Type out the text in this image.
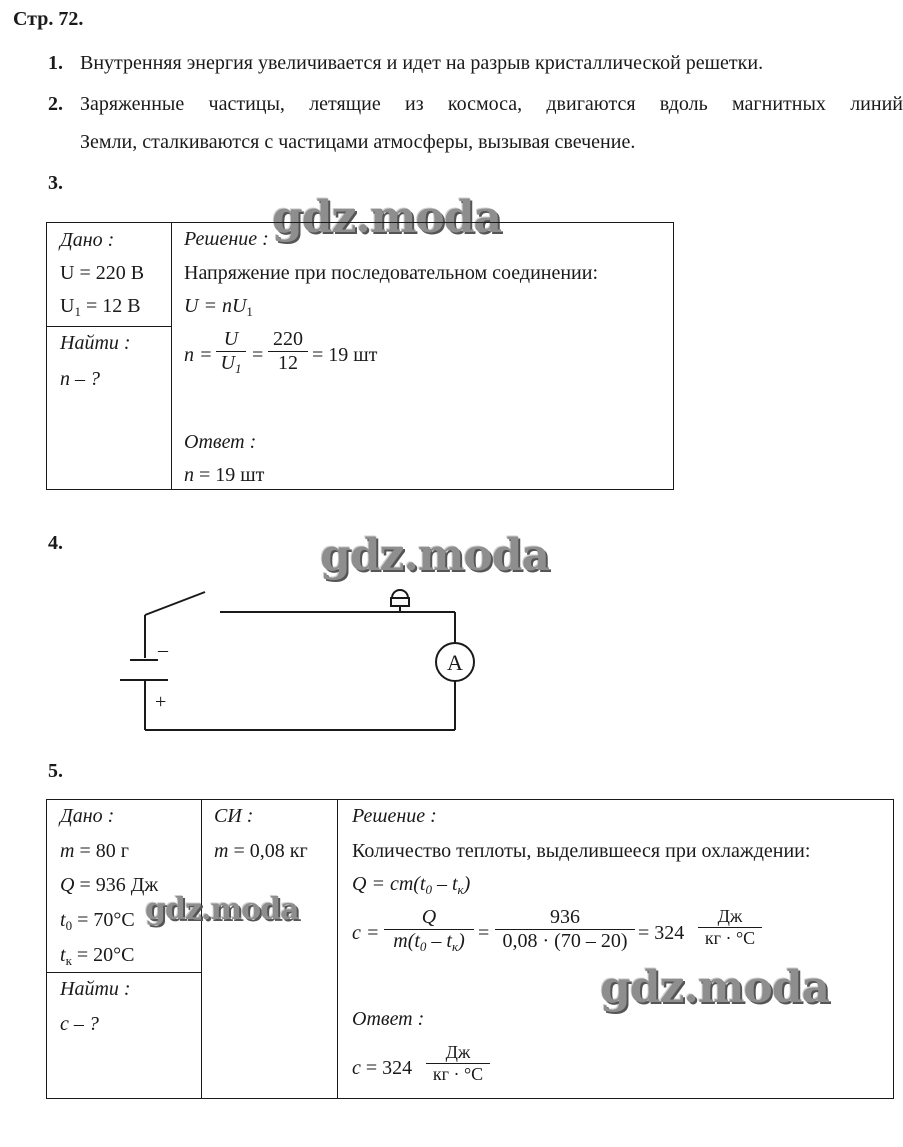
Стр. 72.
1. Внутренняя энергия увеличивается и идет на разрыв кристаллической решетки.
2. Заряженные частицы, летящие из космоса, двигаются вдоль магнитных линий
Земли, сталкиваются с частицами атмосферы, вызывая свечение.
3.
gdz.moda
Дано :
U = 220 В
$U_1 = 12$ В
Найти :
n – ?
Решение :
Напряжение при последовательном соединении:
$U = nU_1$
$n = \frac{U}{U_1} = \frac{220}{12} = 19$ шт
Ответ :
n = 19 шт
4.	gdz.moda
–
+
A
5.
Дано :
m = 80 г
Q = 936 Дж
$t_0 = 70^\circ C$
$t_к = 20^\circ C$
Найти :
c – ?
СИ :
m = 0,08 кг
Решение :
Количество теплоты, выделившееся при охлаждении:
$Q = cm(t_0 - t_к)$
c =
Q
$m(t_0 - t_к) = \frac{936}{0,08 \cdot (70 - 20)} = 324$
Дж
кг · °C
gdz.moda
gdz.moda
Ответ :
c = 324
Дж
кг · °C
